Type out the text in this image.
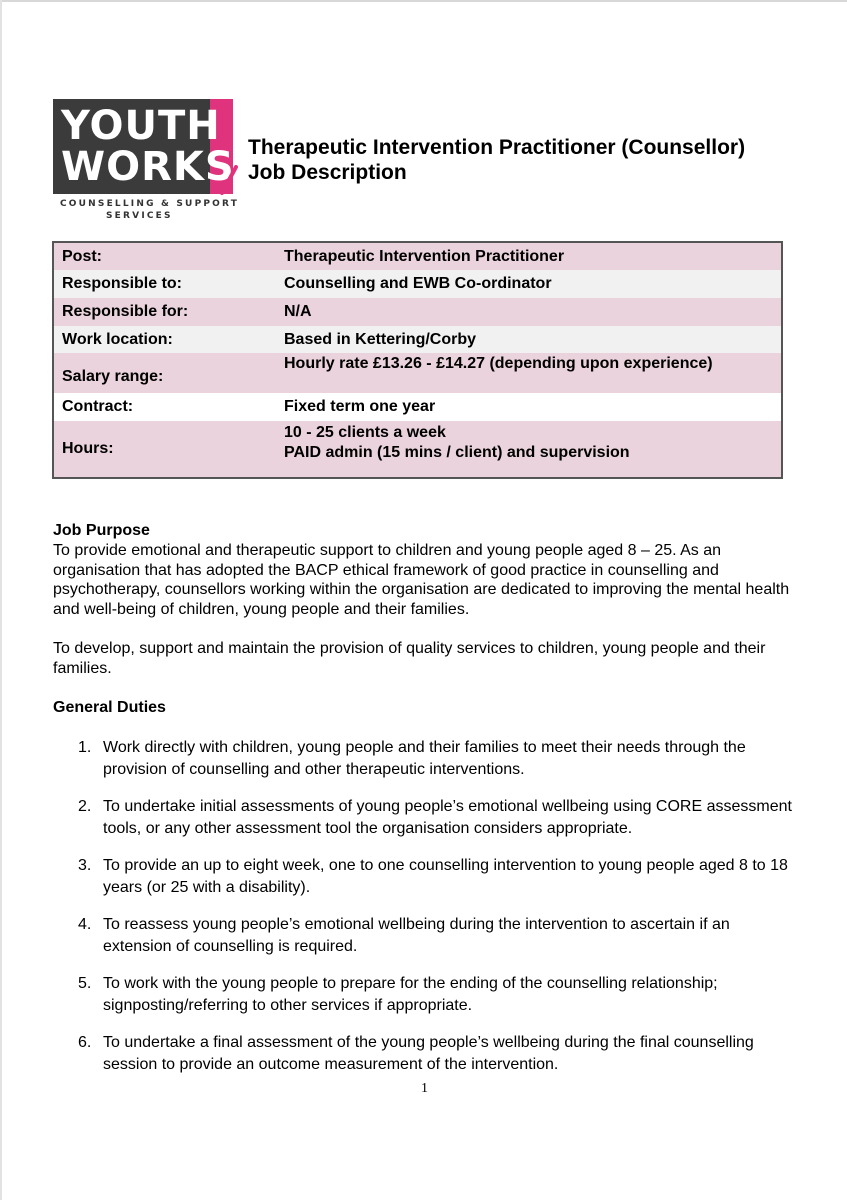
YOUTH
WORKS
COUNSELLING & SUPPORT
SERVICES
Therapeutic Intervention Practitioner (Counsellor)
Job Description
Post:	Therapeutic Intervention Practitioner
Responsible to:	Counselling and EWB Co-ordinator
Responsible for:	N/A
Work location:	Based in Kettering/Corby
Salary range:	Hourly rate £13.26 - £14.27 (depending upon experience)
Contract:	Fixed term one year
Hours:	10 - 25 clients a week
PAID admin (15 mins / client) and supervision
Job Purpose
To provide emotional and therapeutic support to children and young people aged 8 – 25. As an organisation that has adopted the BACP ethical framework of good practice in counselling and psychotherapy, counsellors working within the organisation are dedicated to improving the mental health and well-being of children, young people and their families.
To develop, support and maintain the provision of quality services to children, young people and their families.
General Duties
1. Work directly with children, young people and their families to meet their needs through the provision of counselling and other therapeutic interventions.
2. To undertake initial assessments of young people’s emotional wellbeing using CORE assessment tools, or any other assessment tool the organisation considers appropriate.
3. To provide an up to eight week, one to one counselling intervention to young people aged 8 to 18 years (or 25 with a disability).
4. To reassess young people’s emotional wellbeing during the intervention to ascertain if an extension of counselling is required.
5. To work with the young people to prepare for the ending of the counselling relationship; signposting/referring to other services if appropriate.
6. To undertake a final assessment of the young people’s wellbeing during the final counselling session to provide an outcome measurement of the intervention.
1
